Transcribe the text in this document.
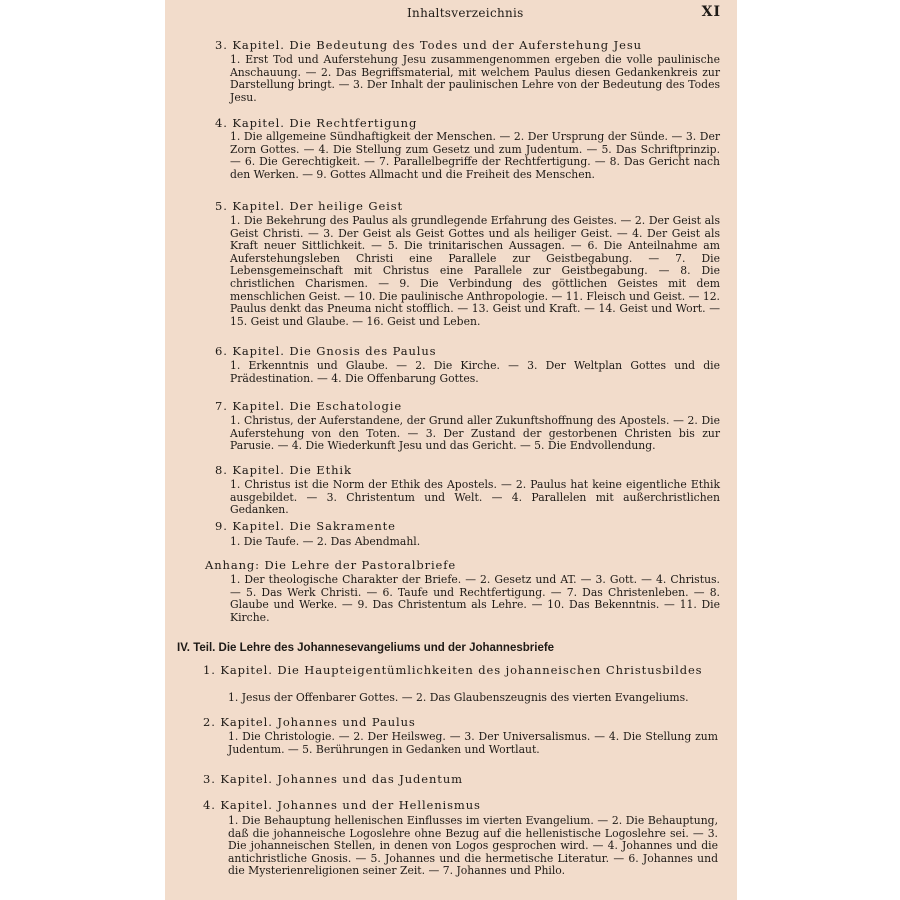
Inhaltsverzeichnis	XI
3. Kapitel. Die Bedeutung des Todes und der Auferstehung Jesu
1. Erst Tod und Auferstehung Jesu zusammengenommen ergeben die volle paulinische Anschauung. — 2. Das Begriffsmaterial, mit welchem Paulus diesen Gedankenkreis zur Darstellung bringt. — 3. Der Inhalt der paulinischen Lehre von der Bedeutung des Todes Jesu.
4. Kapitel. Die Rechtfertigung
1. Die allgemeine Sündhaftigkeit der Menschen. — 2. Der Ursprung der Sünde. — 3. Der Zorn Gottes. — 4. Die Stellung zum Gesetz und zum Judentum. — 5. Das Schriftprinzip. — 6. Die Gerechtigkeit. — 7. Parallelbegriffe der Rechtfertigung. — 8. Das Gericht nach den Werken. — 9. Gottes Allmacht und die Freiheit des Menschen.
5. Kapitel. Der heilige Geist
1. Die Bekehrung des Paulus als grundlegende Erfahrung des Geistes. — 2. Der Geist als Geist Christi. — 3. Der Geist als Geist Gottes und als heiliger Geist. — 4. Der Geist als Kraft neuer Sittlichkeit. — 5. Die trinitarischen Aussagen. — 6. Die Anteilnahme am Auferstehungsleben Christi eine Parallele zur Geistbegabung. — 7. Die Lebensgemeinschaft mit Christus eine Parallele zur Geistbegabung. — 8. Die christlichen Charismen. — 9. Die Verbindung des göttlichen Geistes mit dem menschlichen Geist. — 10. Die paulinische Anthropologie. — 11. Fleisch und Geist. — 12. Paulus denkt das Pneuma nicht stofflich. — 13. Geist und Kraft. — 14. Geist und Wort. — 15. Geist und Glaube. — 16. Geist und Leben.
6. Kapitel. Die Gnosis des Paulus
1. Erkenntnis und Glaube. — 2. Die Kirche. — 3. Der Weltplan Gottes und die Prädestination. — 4. Die Offenbarung Gottes.
7. Kapitel. Die Eschatologie
1. Christus, der Auferstandene, der Grund aller Zukunftshoffnung des Apostels. — 2. Die Auferstehung von den Toten. — 3. Der Zustand der gestorbenen Christen bis zur Parusie. — 4. Die Wiederkunft Jesu und das Gericht. — 5. Die Endvollendung.
8. Kapitel. Die Ethik
1. Christus ist die Norm der Ethik des Apostels. — 2. Paulus hat keine eigentliche Ethik ausgebildet. — 3. Christentum und Welt. — 4. Parallelen mit außerchristlichen Gedanken.
9. Kapitel. Die Sakramente
1. Die Taufe. — 2. Das Abendmahl.
Anhang: Die Lehre der Pastoralbriefe
1. Der theologische Charakter der Briefe. — 2. Gesetz und AT. — 3. Gott. — 4. Christus. — 5. Das Werk Christi. — 6. Taufe und Rechtfertigung. — 7. Das Christenleben. — 8. Glaube und Werke. — 9. Das Christentum als Lehre. — 10. Das Bekenntnis. — 11. Die Kirche.
IV. Teil. Die Lehre des Johannesevangeliums und der Johannesbriefe
1. Kapitel. Die Haupteigentümlichkeiten des johanneischen Christusbildes
1. Jesus der Offenbarer Gottes. — 2. Das Glaubenszeugnis des vierten Evangeliums.
2. Kapitel. Johannes und Paulus
1. Die Christologie. — 2. Der Heilsweg. — 3. Der Universalismus. — 4. Die Stellung zum Judentum. — 5. Berührungen in Gedanken und Wortlaut.
3. Kapitel. Johannes und das Judentum
4. Kapitel. Johannes und der Hellenismus
1. Die Behauptung hellenischen Einflusses im vierten Evangelium. — 2. Die Behauptung, daß die johanneische Logoslehre ohne Bezug auf die hellenistische Logoslehre sei. — 3. Die johanneischen Stellen, in denen von Logos gesprochen wird. — 4. Johannes und die antichristliche Gnosis. — 5. Johannes und die hermetische Literatur. — 6. Johannes und die Mysterienreligionen seiner Zeit. — 7. Johannes und Philo.
